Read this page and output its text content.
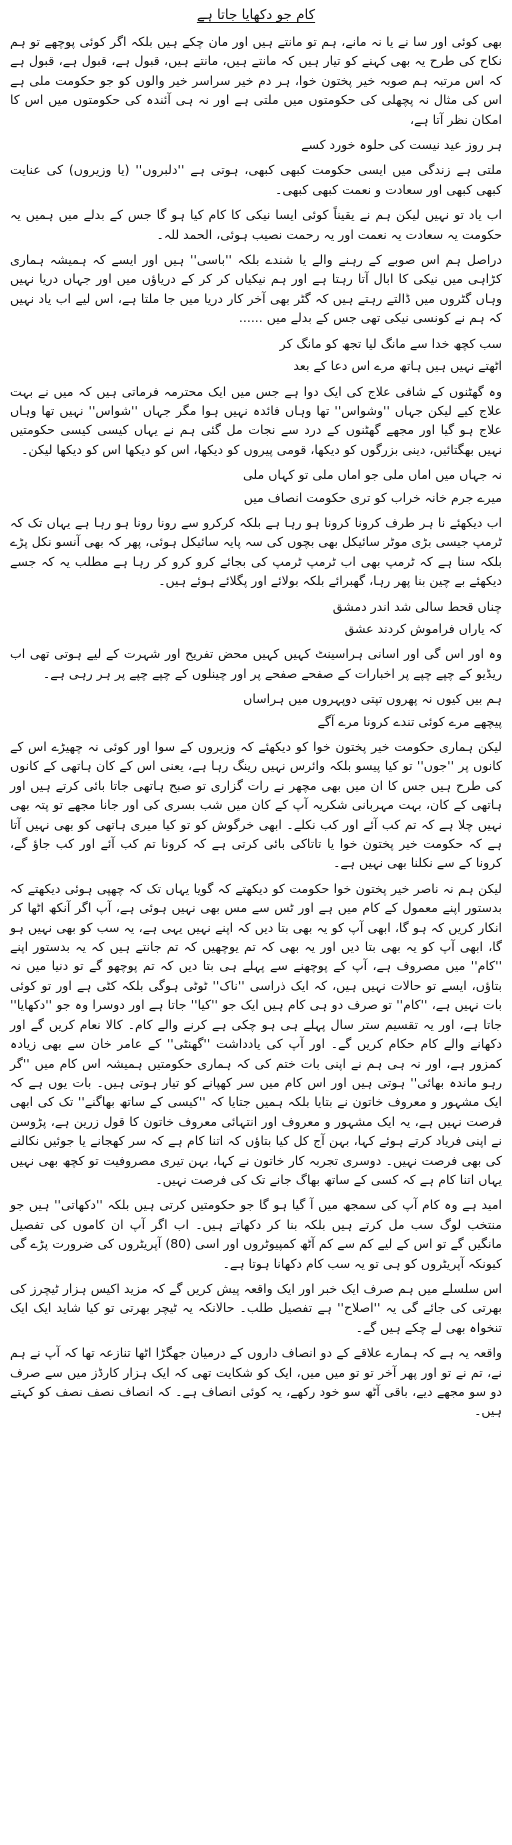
کام جو دکھایا جاتا ہے

بھی کوئی اور سا نے یا نہ مانے، ہم تو مانتے ہیں اور مان چکے ہیں بلکہ اگر کوئی پوچھے تو ہم نکاح کی طرح یہ بھی کہنے کو تیار ہیں کہ مانتے ہیں، مانتے ہیں، قبول ہے، قبول ہے، قبول ہے کہ اس مرتبہ ہم صوبہ خیر پختون خوا، ہر دم خیر سراسر خیر والوں کو جو حکومت ملی ہے اس کی مثال نہ پچھلی کی حکومتوں میں ملتی ہے اور نہ ہی آئندہ کی حکومتوں میں اس کا امکان نظر آتا ہے،

ہر روز عید نیست کی حلوہ خورد کسے

ملتی ہے زندگی میں ایسی حکومت کبھی کبھی، ہوتی ہے ''دلبروں'' (یا وزیروں) کی عنایت کبھی کبھی اور سعادت و نعمت کبھی کبھی۔

اب یاد تو نہیں لیکن ہم نے یقیناً کوئی ایسا نیکی کا کام کیا ہو گا جس کے بدلے میں ہمیں یہ حکومت یہ سعادت یہ نعمت اور یہ رحمت نصیب ہوئی، الحمد للہ۔

دراصل ہم اس صوبے کے رہنے والے یا شندے بلکہ ''باسی'' ہیں اور ایسے کہ ہمیشہ ہماری کڑاہی میں نیکی کا ابال آتا رہتا ہے اور ہم نیکیاں کر کر کے دریاؤں میں اور جہاں دریا نہیں وہاں گٹروں میں ڈالتے رہتے ہیں کہ گٹر بھی آخر کار دریا میں جا ملتا ہے، اس لیے اب یاد نہیں کہ ہم نے کونسی نیکی تھی جس کے بدلے میں ......

سب کچھ خدا سے مانگ لیا تجھ کو مانگ کر

اٹھتے نہیں ہیں ہاتھ مرے اس دعا کے بعد

وہ گھٹنوں کے شافی علاج کی ایک دوا ہے جس میں ایک محترمہ فرماتی ہیں کہ میں نے بہت علاج کیے لیکن جہاں ''وشواس'' تھا وہاں فائدہ نہیں ہوا مگر جہاں ''شواس'' نہیں تھا وہاں علاج ہو گیا اور مجھے گھٹنوں کے درد سے نجات مل گئی ہم نے یہاں کیسی کیسی حکومتیں نہیں بھگتائیں، دینی بزرگوں کو دیکھا، قومی پیروں کو دیکھا، اس کو دیکھا اس کو دیکھا لیکن۔

نہ جہاں میں اماں ملی جو اماں ملی تو کہاں ملی

میرے جرم خانہ خراب کو تری حکومت انصاف میں

اب دیکھئے نا ہر طرف کرونا کرونا ہو رہا ہے بلکہ کرکرو سے رونا رونا ہو رہا ہے یہاں تک کہ ٹرمپ جیسی بڑی موٹر سائیکل بھی بچوں کی سہ پایہ سائیکل ہوئی، پھر کہ بھی آنسو نکل پڑے بلکہ سنا ہے کہ ٹرمپ بھی اب ٹرمپ ٹرمپ کی بجائے کرو کرو کر رہا ہے مطلب یہ کہ جسے دیکھئے بے چین بنا پھر رہا، گھبرائے بلکہ بولائے اور پگلائے ہوئے ہیں۔

چناں قحط سالی شد اندر دمشق

کہ یاراں فراموش کردند عشق

وہ اور اس گی اور اسانی ہراسینٹ کہیں کہیں محض تفریح اور شہرت کے لیے ہوتی تھی اب ریڈیو کے چپے چپے پر اخبارات کے صفحے صفحے پر اور چینلوں کے چپے چپے پر ہر رہی ہے۔

ہم بیں کیوں نہ پھروں تپتی دوپہروں میں ہراساں

پیچھے مرے کوئی تندے کرونا مرے آگے

لیکن ہماری حکومت خیر پختون خوا کو دیکھئے کہ وزیروں کے سوا اور کوئی نہ چھیڑے اس کے کانوں پر ''جوں'' تو کیا پیسو بلکہ وائرس نہیں رینگ رہا ہے، یعنی اس کے کان ہاتھی کے کانوں کی طرح ہیں جس کا ان میں بھی مچھر نے رات گزاری تو صبح ہاتھی جاتا بائی کرتے ہیں اور ہاتھی کے کان، بہت مہربانی شکریہ آپ کے کان میں شب بسری کی اور جانا مجھے تو پتہ بھی نہیں چلا ہے کہ تم کب آئے اور کب نکلے۔ ابھی خرگوش کو تو کیا میری ہاتھی کو بھی نہیں آتا ہے کہ حکومت خیر پختون خوا یا تاتاکی بائی کرتی ہے کہ کرونا تم کب آئے اور کب جاؤ گے، کرونا کے سے نکلنا بھی نہیں ہے۔

لیکن ہم نہ ناصر خیر پختون خوا حکومت کو دیکھتے کہ گویا یہاں تک کہ چھپی ہوئی دیکھتے کہ بدستور اپنے معمول کے کام میں ہے اور ٹس سے مس بھی نہیں ہوئی ہے، آپ اگر آنکھ اٹھا کر انکار کریں کہ ہو گا، ابھی آپ کو یہ بھی بتا دیں کہ اپنے نہیں یہی ہے، یہ سب کو بھی نہیں ہو گا، ابھی آپ کو یہ بھی بتا دیں اور یہ بھی کہ تم یوچھیں کہ تم جانتے ہیں کہ یہ بدستور اپنے ''کام'' میں مصروف ہے، آپ کے پوچھنے سے پہلے ہی بتا دیں کہ تم پوچھو گے تو دنیا میں نہ بتاؤں، ایسے تو حالات نہیں ہیں، کہ ایک ذراسی ''ناک'' ٹوٹی ہوگی بلکہ کٹی ہے اور تو کوئی بات نہیں ہے، ''کام'' تو صرف دو ہی کام ہیں ایک جو ''کیا'' جاتا ہے اور دوسرا وہ جو ''دکھایا'' جاتا ہے، اور یہ تقسیم ستر سال پہلے ہی ہو چکی ہے کرنے والے کام۔ کالا نعام کریں گے اور دکھانے والے کام حکام کریں گے۔ اور آپ کی یادداشت ''گھنٹی'' کے عامر خان سے بھی زیادہ کمزور ہے، اور نہ ہی ہم نے اپنی بات ختم کی کہ ہماری حکومتیں ہمیشہ اس کام میں ''گر رہو ماندہ بھائی'' ہوتی ہیں اور اس کام میں سر کھپانے کو تیار ہوتی ہیں۔ بات یوں ہے کہ ایک مشہور و معروف خاتون نے بتایا بلکہ ہمیں جتایا کہ ''کیسی کے ساتھ بھاگنے'' تک کی ابھی فرصت نہیں ہے، یہ ایک مشہور و معروف اور انتہائی معروف خاتون کا قول زرین ہے، پڑوسن نے اپنی فریاد کرتے ہوئے کہا، بہن آج کل کیا بتاؤں کہ اتنا کام ہے کہ سر کھجانے یا جوئیں نکالنے کی بھی فرصت نہیں۔ دوسری تجربہ کار خاتون نے کہا، بہن تیری مصروفیت تو کچھ بھی نہیں یہاں اتنا کام ہے کہ کسی کے ساتھ بھاگ جانے تک کی فرصت نہیں۔

امید ہے وہ کام آپ کی سمجھ میں آ گیا ہو گا جو حکومتیں کرتی ہیں بلکہ ''دکھاتی'' ہیں جو منتخب لوگ سب مل کرتے ہیں بلکہ بنا کر دکھاتے ہیں۔ اب اگر آپ ان کاموں کی تفصیل مانگیں گے تو اس کے لیے کم سے کم آٹھ کمپیوٹروں اور اسی (80) آپریٹروں کی ضرورت پڑے گی کیونکہ آپریٹروں کو ہی تو یہ سب کام دکھانا ہوتا ہے۔

اس سلسلے میں ہم صرف ایک خبر اور ایک واقعہ پیش کریں گے کہ مزید اکیس ہزار ٹیچرز کی بھرتی کی جائے گی یہ ''اصلاح'' ہے تفصیل طلب۔ حالانکہ یہ ٹیچر بھرتی تو کیا شاید ایک ایک تنخواہ بھی لے چکے ہیں گے۔

واقعہ یہ ہے کہ ہمارے علاقے کے دو انصاف داروں کے درمیان جھگڑا اٹھا تنازعہ تھا کہ آپ نے ہم نے، تم نے تو اور پھر آخر تو تو میں میں، ایک کو شکایت تھی کہ ایک ہزار کارڈز میں سے صرف دو سو مجھے دیے، باقی آٹھ سو خود رکھے، یہ کوئی انصاف ہے۔ کہ انصاف نصف نصف کو کہتے ہیں۔
